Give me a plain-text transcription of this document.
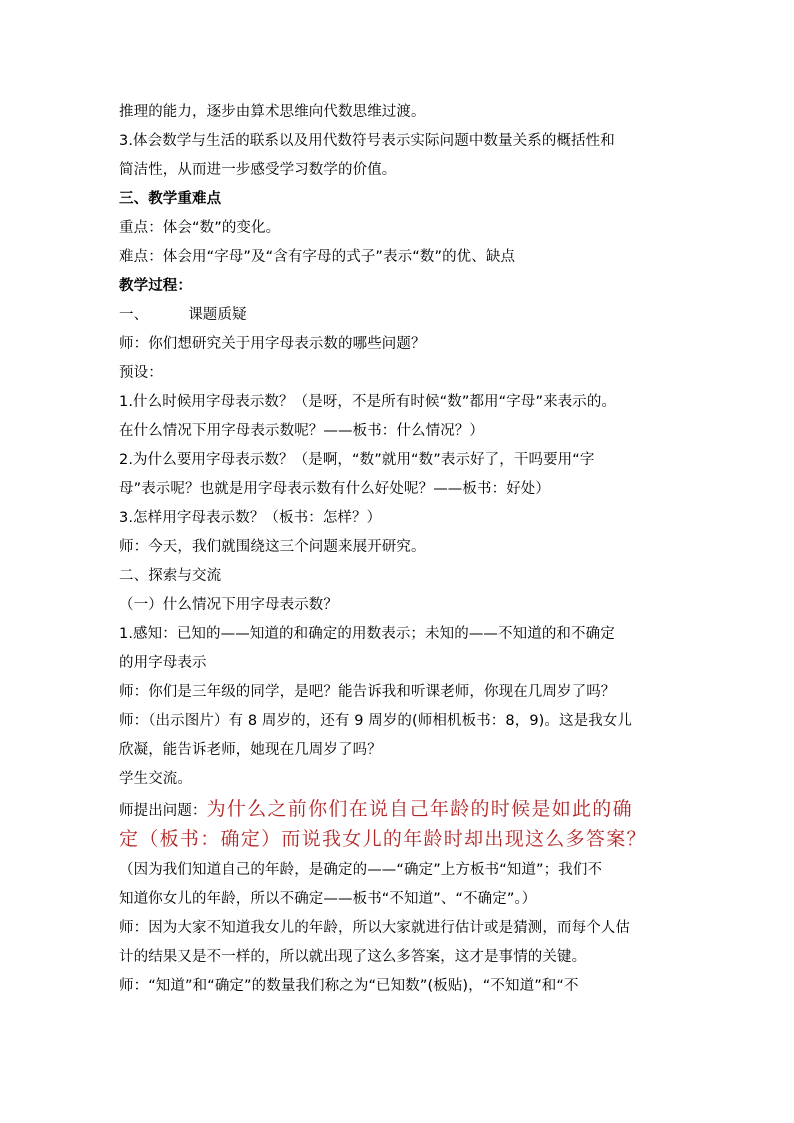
推理的能力，逐步由算术思维向代数思维过渡。
3.体会数学与生活的联系以及用代数符号表示实际问题中数量关系的概括性和
简洁性，从而进一步感受学习数学的价值。
三、教学重难点
重点：体会“数”的变化。
难点：体会用“字母”及“含有字母的式子”表示“数”的优、缺点
教学过程：
一、	课题质疑
师：你们想研究关于用字母表示数的哪些问题？
预设：
1.什么时候用字母表示数？（是呀，不是所有时候“数”都用“字母”来表示的。
在什么情况下用字母表示数呢？——板书：什么情况？）
2.为什么要用字母表示数？（是啊，“数”就用“数”表示好了，干吗要用“字
母”表示呢？也就是用字母表示数有什么好处呢？——板书：好处）
3.怎样用字母表示数？（板书：怎样？）
师：今天，我们就围绕这三个问题来展开研究。
二、探索与交流
（一）什么情况下用字母表示数？
1.感知：已知的——知道的和确定的用数表示；未知的——不知道的和不确定
的用字母表示
师：你们是三年级的同学，是吧？能告诉我和听课老师，你现在几周岁了吗？
师：（出示图片）有 8 周岁的，还有 9 周岁的(师相机板书：8，9)。这是我女儿
欣凝，能告诉老师，她现在几周岁了吗？
学生交流。
师提出问题：为什么之前你们在说自己年龄的时候是如此的确
定（板书：确定）而说我女儿的年龄时却出现这么多答案？
（因为我们知道自己的年龄，是确定的——“确定”上方板书“知道”；我们不
知道你女儿的年龄，所以不确定——板书“不知道”、“不确定”。）
师：因为大家不知道我女儿的年龄，所以大家就进行估计或是猜测，而每个人估
计的结果又是不一样的，所以就出现了这么多答案，这才是事情的关键。
师：“知道”和“确定”的数量我们称之为“已知数”(板贴)，“不知道”和“不
